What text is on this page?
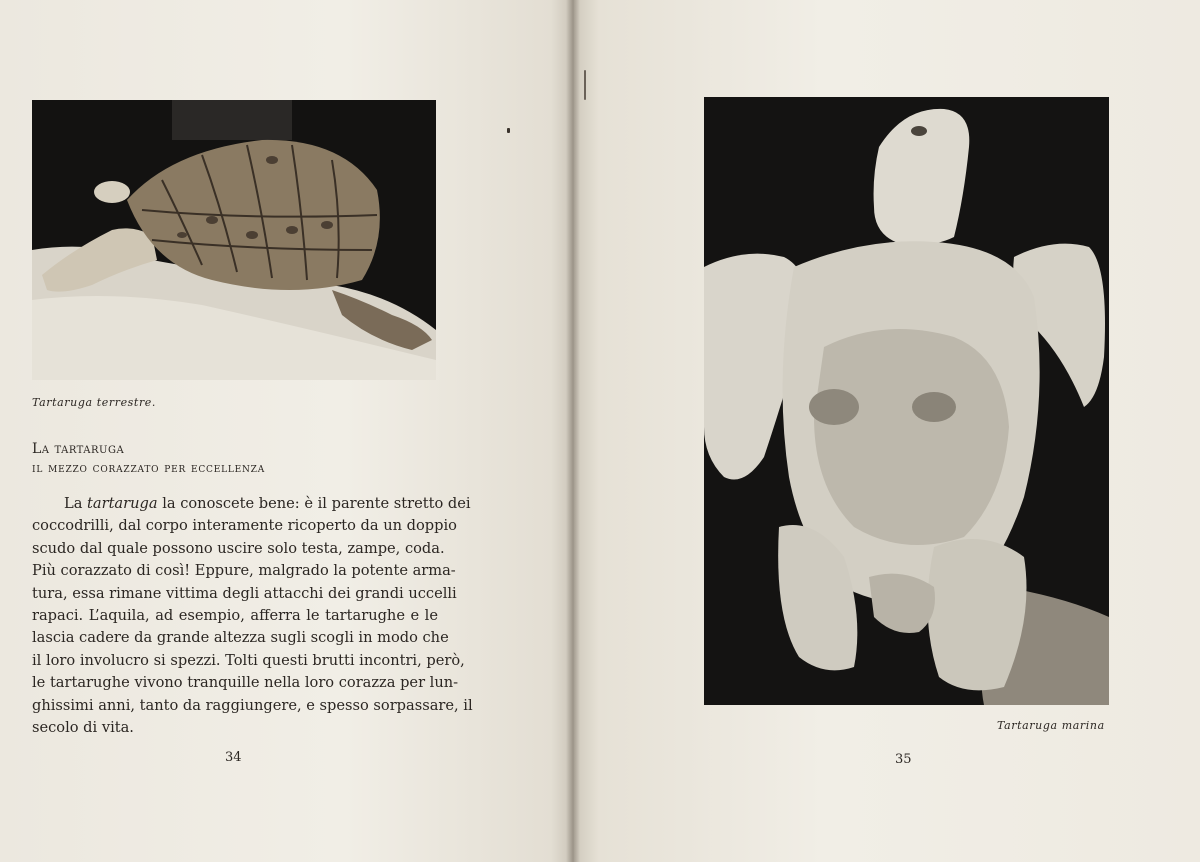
Tartaruga terrestre.
La tartaruga
il mezzo corazzato per eccellenza
La tartaruga la conoscete bene: è il parente stretto dei
coccodrilli, dal corpo interamente ricoperto da un doppio
scudo dal quale possono uscire solo testa, zampe, coda.
Più corazzato di così! Eppure, malgrado la potente arma-
tura, essa rimane vittima degli attacchi dei grandi uccelli
rapaci. L’aquila, ad esempio, afferra le tartarughe e le
lascia cadere da grande altezza sugli scogli in modo che
il loro involucro si spezzi. Tolti questi brutti incontri, però,
le tartarughe vivono tranquille nella loro corazza per lun-
ghissimi anni, tanto da raggiungere, e spesso sorpassare, il
secolo di vita.
34
Tartaruga marina
35
